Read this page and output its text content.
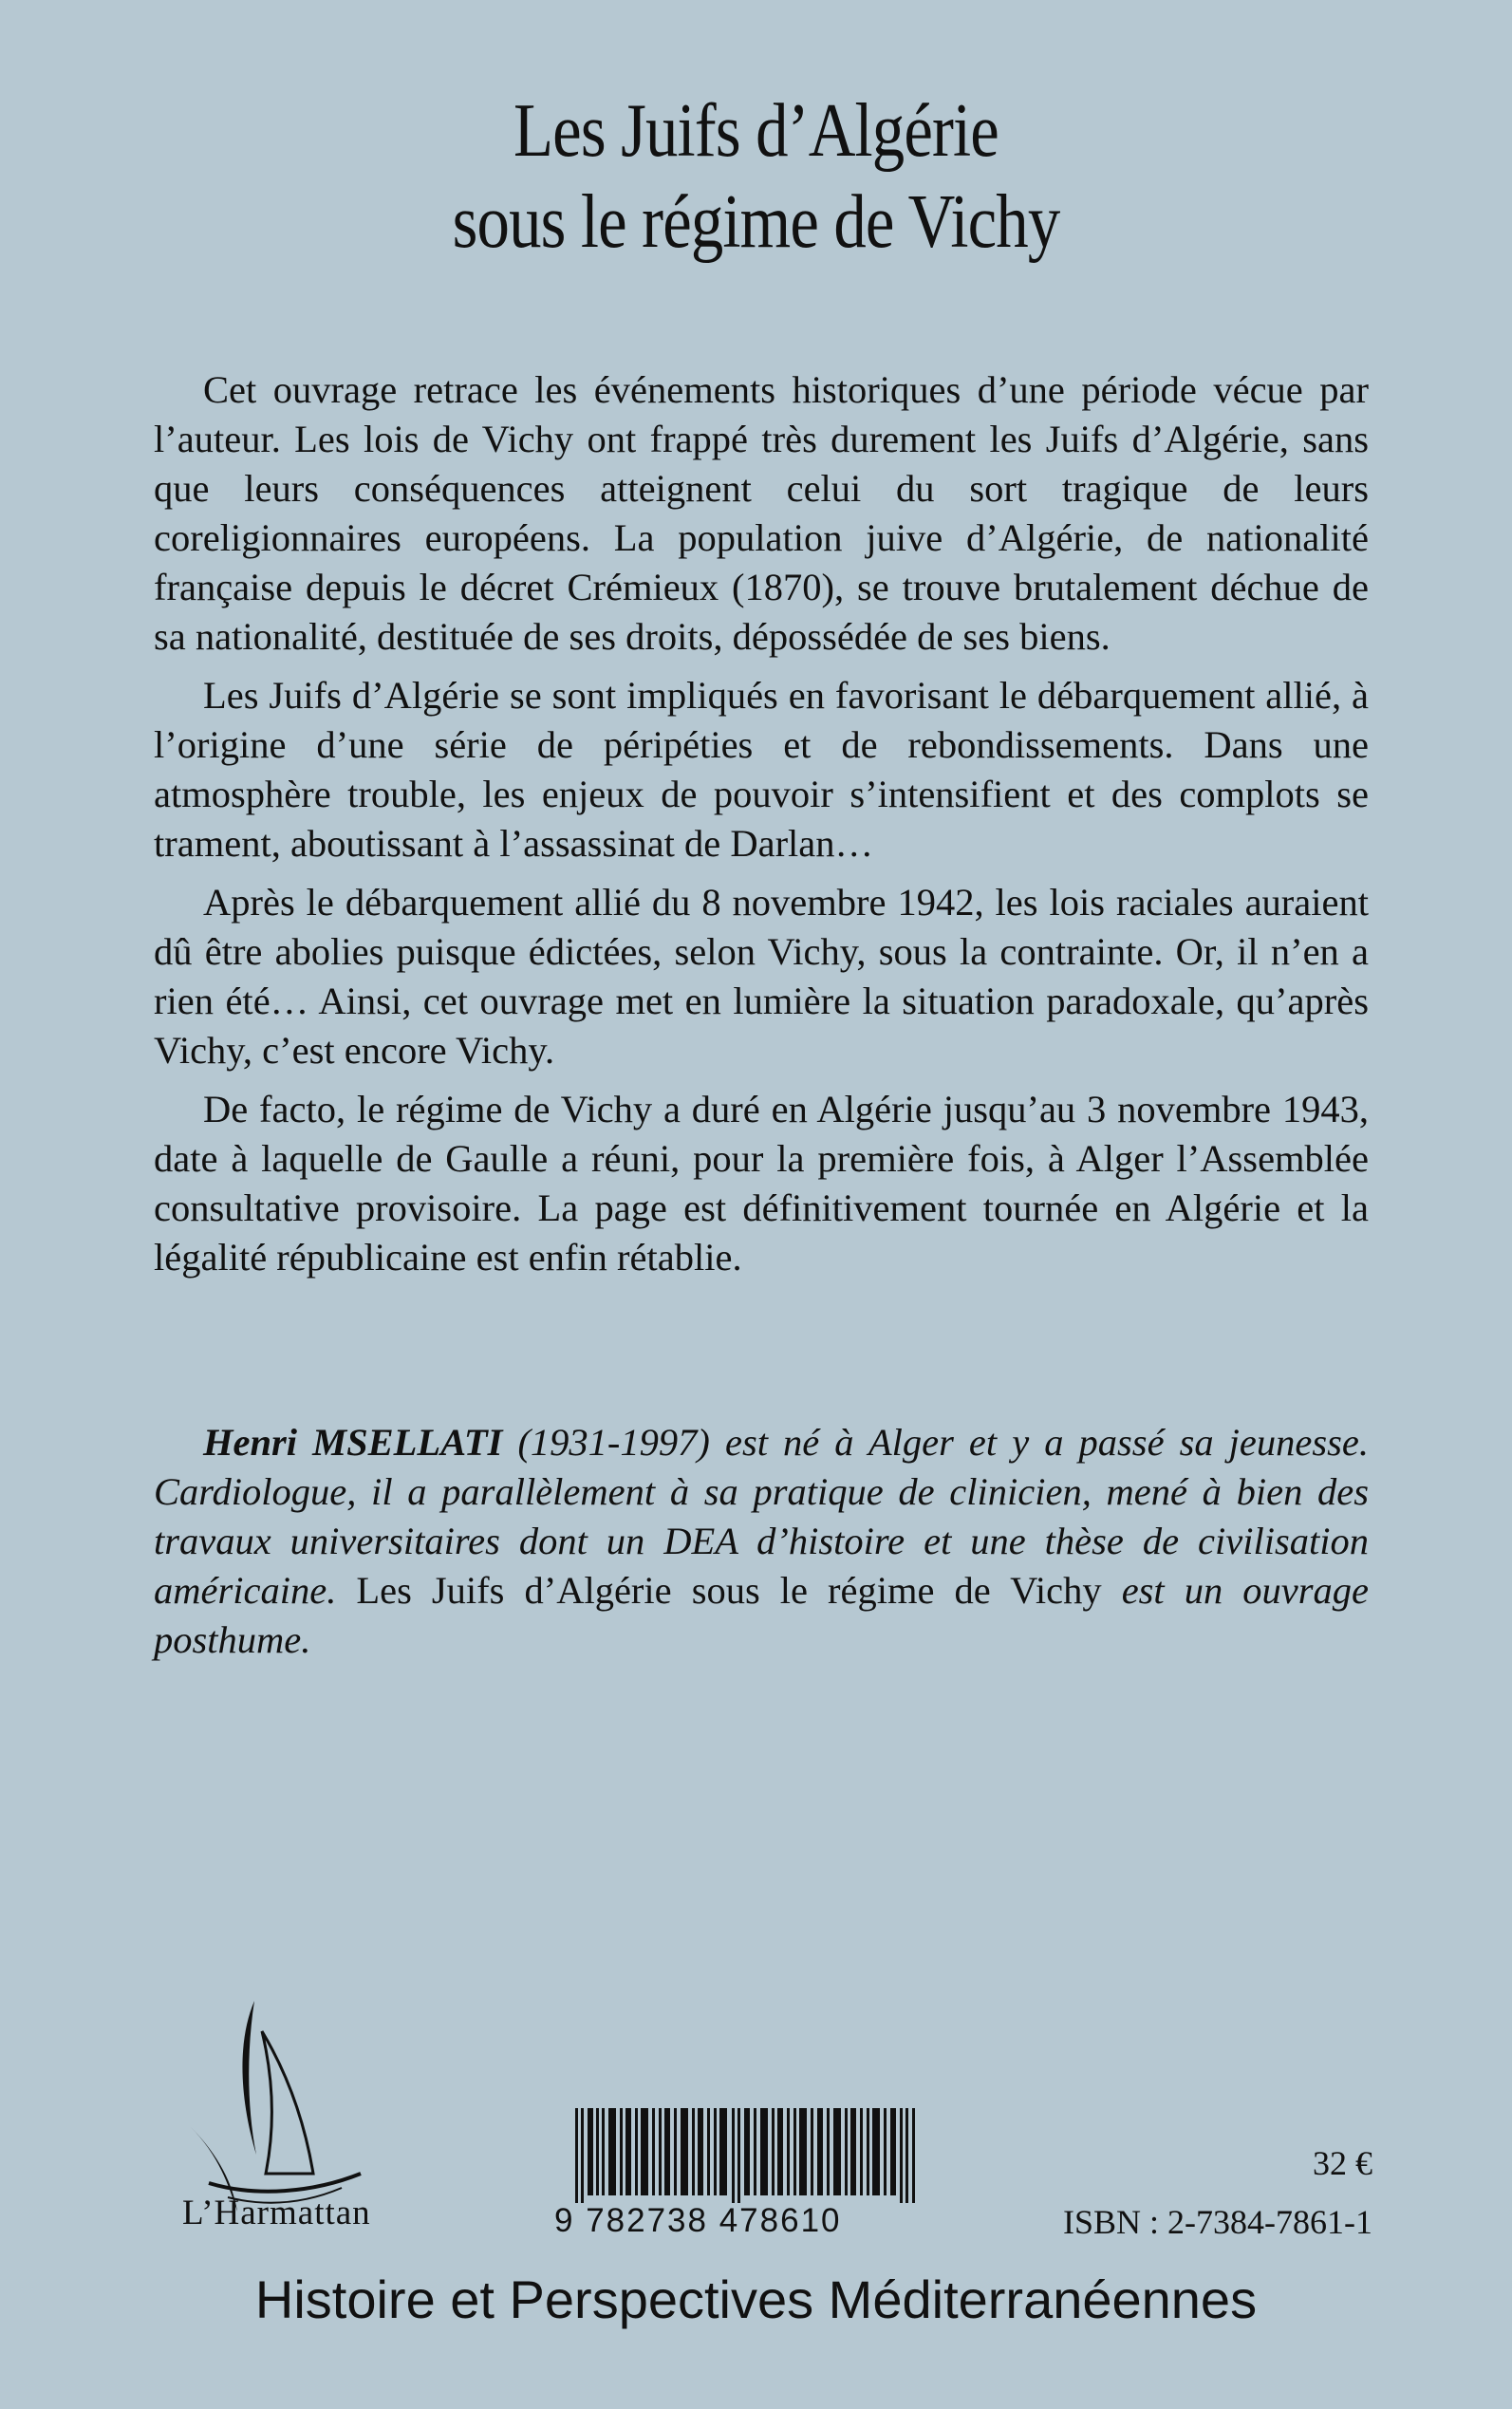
Les Juifs d’Algérie
sous le régime de Vichy

Cet ouvrage retrace les événements historiques d’une période vécue par l’auteur. Les lois de Vichy ont frappé très durement les Juifs d’Algérie, sans que leurs conséquences atteignent celui du sort tragique de leurs coreligionnaires européens. La population juive d’Algérie, de nationalité française depuis le décret Crémieux (1870), se trouve brutalement déchue de sa nationalité, destituée de ses droits, dépossédée de ses biens.

Les Juifs d’Algérie se sont impliqués en favorisant le débarquement allié, à l’origine d’une série de péripéties et de rebondissements. Dans une atmosphère trouble, les enjeux de pouvoir s’intensifient et des complots se trament, aboutissant à l’assassinat de Darlan…

Après le débarquement allié du 8 novembre 1942, les lois raciales auraient dû être abolies puisque édictées, selon Vichy, sous la contrainte. Or, il n’en a rien été… Ainsi, cet ouvrage met en lumière la situation paradoxale, qu’après Vichy, c’est encore Vichy.

De facto, le régime de Vichy a duré en Algérie jusqu’au 3 novembre 1943, date à laquelle de Gaulle a réuni, pour la première fois, à Alger l’Assemblée consultative provisoire. La page est définitivement tournée en Algérie et la légalité républicaine est enfin rétablie.

Henri MSELLATI (1931-1997) est né à Alger et y a passé sa jeunesse. Cardiologue, il a parallèlement à sa pratique de clinicien, mené à bien des travaux universitaires dont un DEA d’histoire et une thèse de civilisation américaine. Les Juifs d’Algérie sous le régime de Vichy est un ouvrage posthume.

L’Harmattan	9 782738 478610
32 €
ISBN : 2-7384-7861-1
Histoire et Perspectives Méditerranéennes
